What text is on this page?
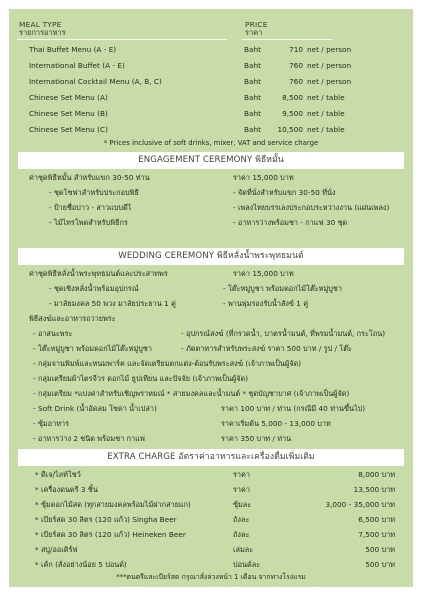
MEAL TYPE
รายการอาหาร
PRICE
ราคา
Thai Buffet Menu (A - E)	Baht	710 net / person
International Buffet (A - E)	Baht	760 net / person
International Cocktail Menu (A, B, C)	Baht	760 net / person
Chinese Set Menu (A)	Baht	8,500 net / table
Chinese Set Menu (B)	Baht	9,500 net / table
Chinese Set Menu (C)	Baht	10,500 net / table
* Prices inclusive of soft drinks, mixer, VAT and service charge
ENGAGEMENT CEREMONY พิธีหมั้น
ค่าชุดพิธีหมั้น สำหรับแขก 30-50 ท่าน	ราคา 15,000 บาท
- ชุดโซฟาสำหรับประกอบพิธี	- จัดที่นั่งสำหรับแขก 30-50 ที่นั่ง
- ป้ายชื่อบ่าว - สาวแบบดีไ	- เพลงไทยบรรเลงประกอบระหว่างงาน (แผ่นเพลง)
- ไม้ไทรโพดสำหรับพิธีกร	- อาหารว่างพร้อมชา - กาแฟ 30 ชุด
WEDDING CEREMONY พิธีหลั่งน้ำพระพุทธมนต์
ค่าชุดพิธีหลั่งน้ำพระพุทธมนต์และประสาทพร	ราคา 15,000 บาท
- ชุดเชิงหลั่งน้ำพร้อมอุปกรณ์	- โต๊ะหมู่บูชา พร้อมดอกไม้โต๊ะหมู่บูชา
- มาลัยมงคล 50 พวง มาลัยประธาน 1 คู่	- พานพุ่มรองรับน้ำสังข์ 1 คู่
พิธีสงฆ์และอาหารถวายพระ
- อาสนะพระ	- อุปกรณ์สงฆ์ (ที่กรวดน้ำ, บาตรน้ำมนต์, ที่พรมน้ำมนต์, กระโถน)
- โต๊ะหมู่บูชา พร้อมดอกไม้โต๊ะหมู่บูชา	- ภัตตาหารสำหรับพระสงฆ์ ราคา 500 บาท / รูป / โต๊ะ
- กลุ่มจานพิมพ์และหนมพาร์ค และจัดเตรียมตกแต่ง-ต้อนรับพระสงฆ์ (เจ้าภาพเป็นผู้จัด)
- กลุ่มเตรียมผ้าไตรจีวร ดอกไม้ ธูปเทียน และปัจจัย (เจ้าภาพเป็นผู้จัด)
- กลุ่มเตรียม *แบ่งค่าสำหรับเชิญพราหมณ์ * สายมงคลและน้ำมนต์ * ชุดบัญชาบาศ (เจ้าภาพเป็นผู้จัด)
- Soft Drink (น้ำอัดลม โซดา น้ำเปล่า)	ราคา 100 บาท / ท่าน (กรณีมี 40 ท่านขึ้นไป)
- ซุ้มอาหาร	ราคาเริ่มต้น 5,000 - 13,000 บาท
- อาหารว่าง 2 ชนิด พร้อมชา กาแฟ	ราคา 350 บาท / ท่าน
EXTRA CHARGE อัตราค่าอาหารและเครื่องดื่มเพิ่มเติม
* ดีเจ/ไลท์โชว์	ราคา	8,000 บาท
* เครื่องดนตรี 3 ชิ้น	ราคา	13,500 บาท
* ซุ้มดอกไม้สด (ทุกสายมงคลพร้อมไม้ฝากสายแก)	ซุ้มละ	3,000 - 35,000 บาท
* เบียร์สด 30 ลิตร (120 แก้ว) Singha Beer	ถังละ	6,500 บาท
* เบียร์สด 30 ลิตร (120 แก้ว) Heineken Beer	ถังละ	7,500 บาท
* สบู่/ออเดิร์ฟ	เล่มละ	500 บาท
* เค้ก (สั่งอย่างน้อย 5 ปอนด์)	ปอนด์ละ	500 บาท
***ดนตรีและเบียร์สด กรุณาสั่งล่วงหน้า 1 เดือน จากทางโรงแรม
